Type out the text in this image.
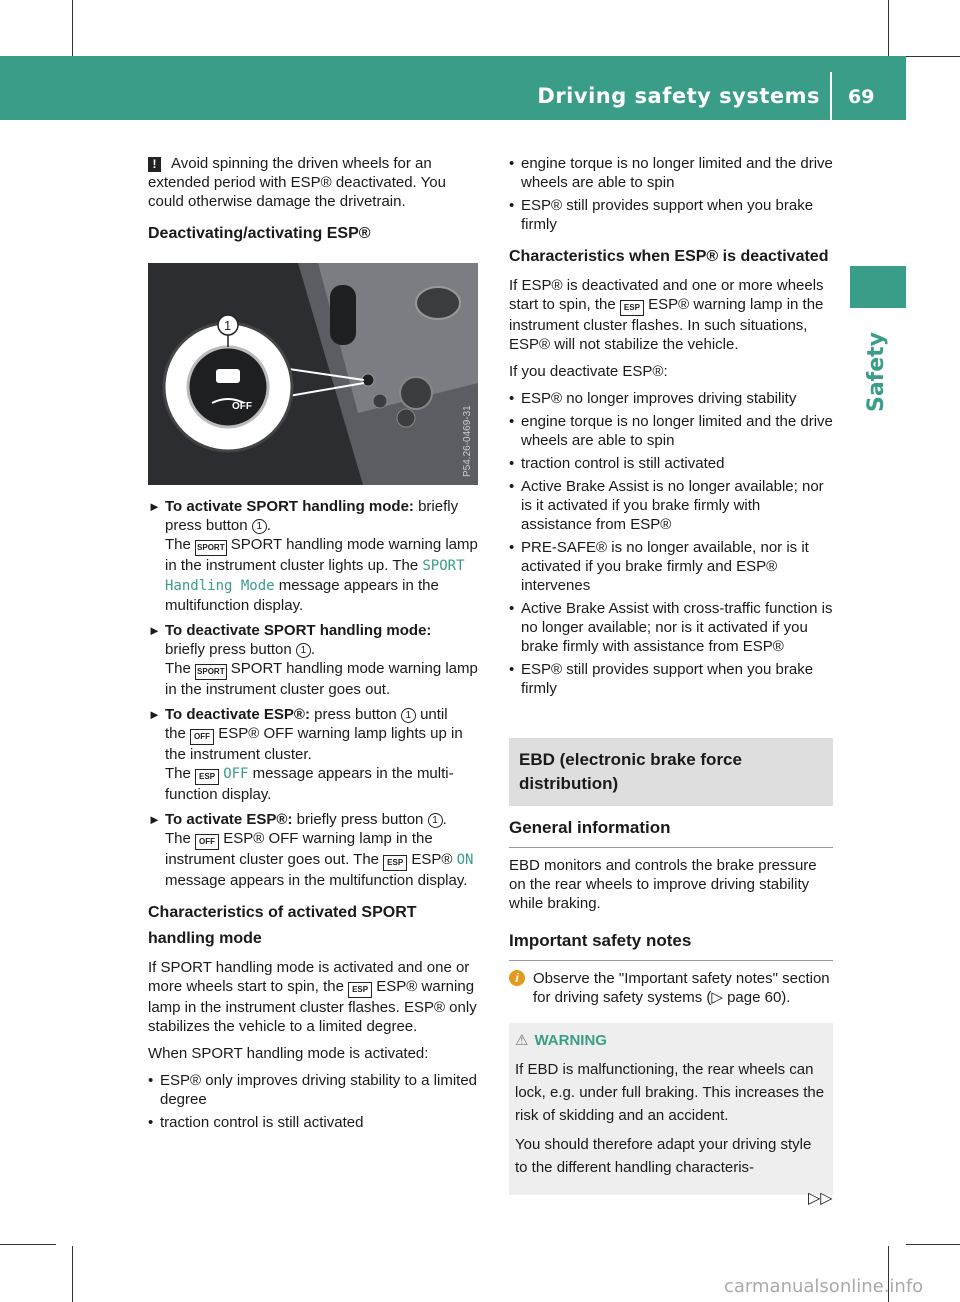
Driving safety systems 69
Safety

! Avoid spinning the driven wheels for an extended period with ESP® deactivated. You could otherwise damage the drivetrain.

Deactivating/activating ESP®
OFF
1
P54.26-0469-31
► To activate SPORT handling mode: briefly press button 1 .
The SPORT SPORT handling mode warning lamp in the instrument cluster lights up. The SPORT Handling Mode message appears in the multifunction display.
► To deactivate SPORT handling mode:
briefly press button 1 .
The SPORT SPORT handling mode warning lamp in the instrument cluster goes out.
► To deactivate ESP®: press button 1 until
the OFF ESP® OFF warning lamp lights up in the instrument cluster.
The ESP OFF message appears in the multi-function display.
► To activate ESP®: briefly press button 1 .
The OFF ESP® OFF warning lamp in the instrument cluster goes out. The ESP ESP® ON message appears in the multifunction display.
Characteristics of activated SPORT handling mode

If SPORT handling mode is activated and one or more wheels start to spin, the ESP ESP® warning lamp in the instrument cluster flashes. ESP® only stabilizes the vehicle to a limited degree.

When SPORT handling mode is activated:

• ESP® only improves driving stability to a limited degree
• traction control is still activated
• engine torque is no longer limited and the drive wheels are able to spin
• ESP® still provides support when you brake firmly
Characteristics when ESP® is deactivated

If ESP® is deactivated and one or more wheels start to spin, the ESP ESP® warning lamp in the instrument cluster flashes. In such situations, ESP® will not stabilize the vehicle.

If you deactivate ESP®:

• ESP® no longer improves driving stability
• engine torque is no longer limited and the drive wheels are able to spin
• traction control is still activated
• Active Brake Assist is no longer available; nor is it activated if you brake firmly with assistance from ESP®
• PRE-SAFE® is no longer available, nor is it activated if you brake firmly and ESP® intervenes
• Active Brake Assist with cross-traffic function is no longer available; nor is it activated if you brake firmly with assistance from ESP®
• ESP® still provides support when you brake firmly
EBD (electronic brake force distribution)
General information

EBD monitors and controls the brake pressure on the rear wheels to improve driving stability while braking.

Important safety notes

i Observe the "Important safety notes" section for driving safety systems (▷ page 60).

⚠ WARNING

If EBD is malfunctioning, the rear wheels can lock, e.g. under full braking. This increases the risk of skidding and an accident.

You should therefore adapt your driving style to the different handling characteris-

▷▷
carmanualsonline.info
